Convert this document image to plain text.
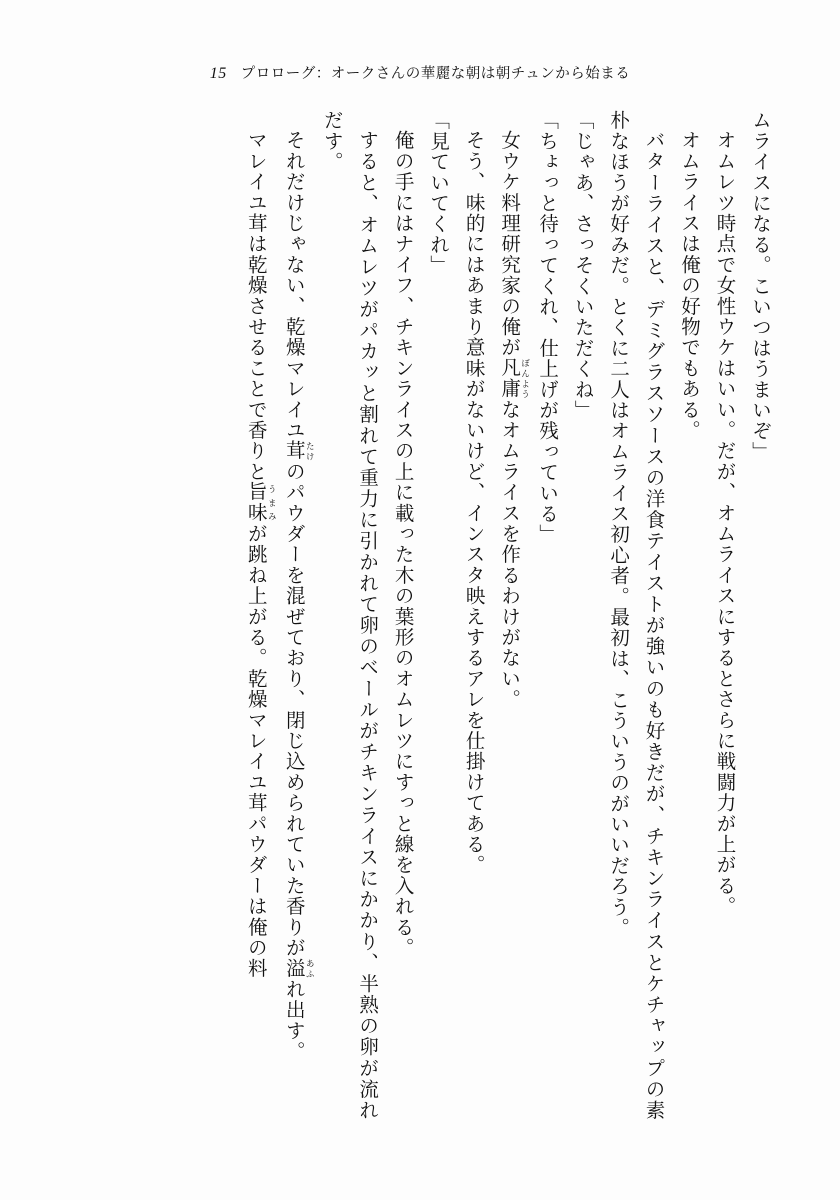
15 プロローグ：オークさんの華麗な朝は朝チュンから始まる

ムライスになる。こいつはうまいぞ」

オムレツ時点で女性ウケはいい。だが、オムライスにするとさらに戦闘力が上がる。

オムライスは俺の好物でもある。

バターライスと、デミグラスソースの洋食テイストが強いのも好きだが、チキンライスとケチャップの素朴なほうが好みだ。とくに二人はオムライス初心者。最初は、こういうのがいいだろう。

「じゃあ、さっそくいただくね」

「ちょっと待ってくれ、仕上げが残っている」

女ウケ料理研究家の俺が凡庸ぼんようなオムライスを作るわけがない。

そう、味的にはあまり意味がないけど、インスタ映えするアレを仕掛けてある。

「見ていてくれ」

俺の手にはナイフ、チキンライスの上に載った木の葉形のオムレツにすっと線を入れる。

すると、オムレツがパカッと割れて重力に引かれて卵のベールがチキンライスにかかり、半熟の卵が流れだす。

それだけじゃない、乾燥マレイユ茸たけのパウダーを混ぜており、閉じ込められていた香りが溢あふれ出す。

マレイユ茸は乾燥させることで香りと旨味うまみが跳ね上がる。乾燥マレイユ茸パウダーは俺の料
